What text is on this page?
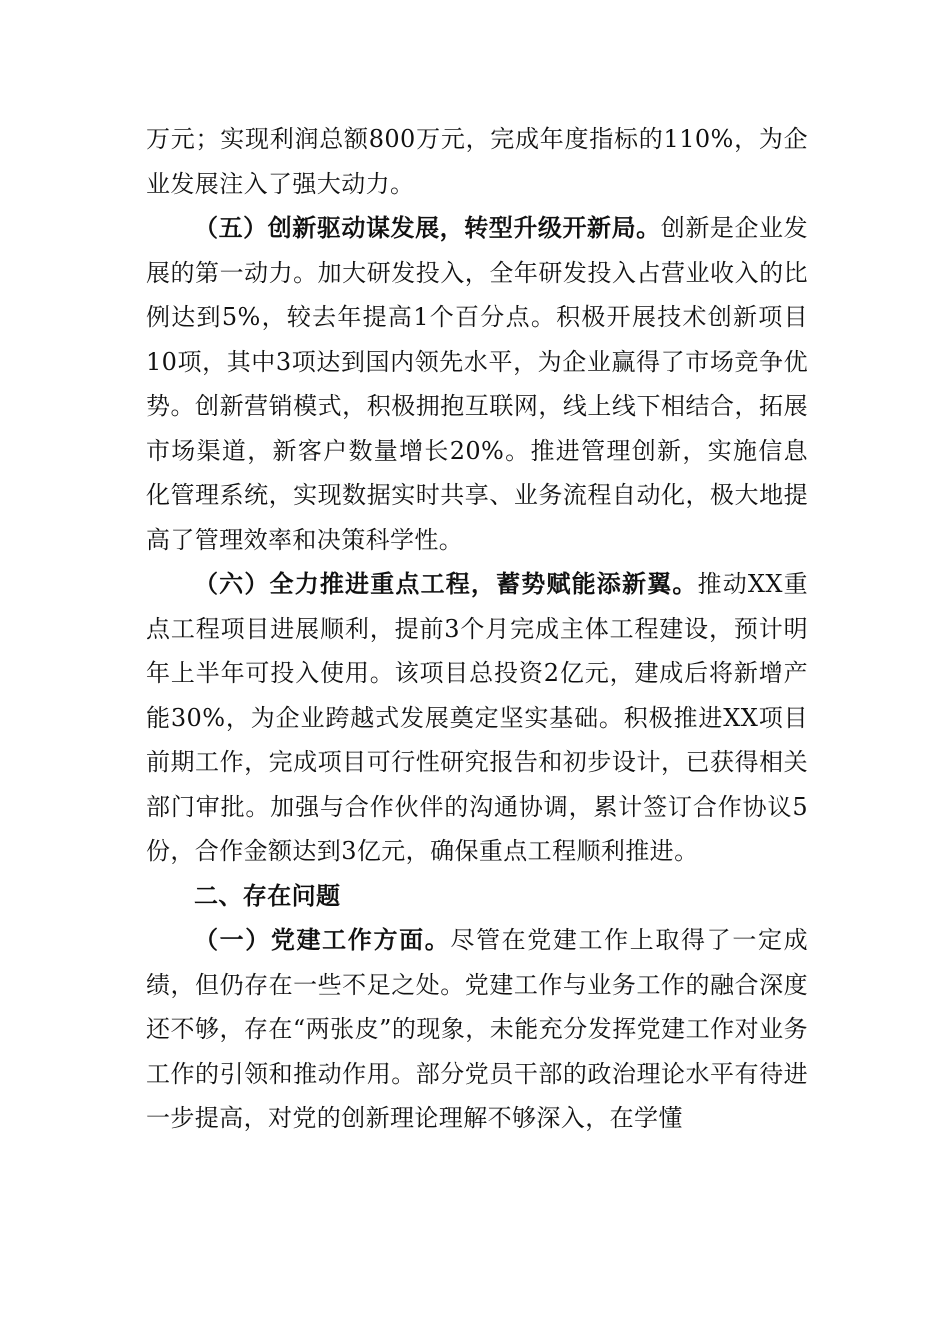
万元；实现利润总额800万元，完成年度指标的110%，为企业发展注入了强大动力。

（五）创新驱动谋发展，转型升级开新局。创新是企业发展的第一动力。加大研发投入，全年研发投入占营业收入的比例达到5%，较去年提高1个百分点。积极开展技术创新项目10项，其中3项达到国内领先水平，为企业赢得了市场竞争优势。创新营销模式，积极拥抱互联网，线上线下相结合，拓展市场渠道，新客户数量增长20%。推进管理创新，实施信息化管理系统，实现数据实时共享、业务流程自动化，极大地提高了管理效率和决策科学性。

（六）全力推进重点工程，蓄势赋能添新翼。推动XX重点工程项目进展顺利，提前3个月完成主体工程建设，预计明年上半年可投入使用。该项目总投资2亿元，建成后将新增产能30%，为企业跨越式发展奠定坚实基础。积极推进XX项目前期工作，完成项目可行性研究报告和初步设计，已获得相关部门审批。加强与合作伙伴的沟通协调，累计签订合作协议5份，合作金额达到3亿元，确保重点工程顺利推进。

二、存在问题

（一）党建工作方面。尽管在党建工作上取得了一定成绩，但仍存在一些不足之处。党建工作与业务工作的融合深度还不够，存在“两张皮”的现象，未能充分发挥党建工作对业务工作的引领和推动作用。部分党员干部的政治理论水平有待进一步提高，对党的创新理论理解不够深入，在学懂
